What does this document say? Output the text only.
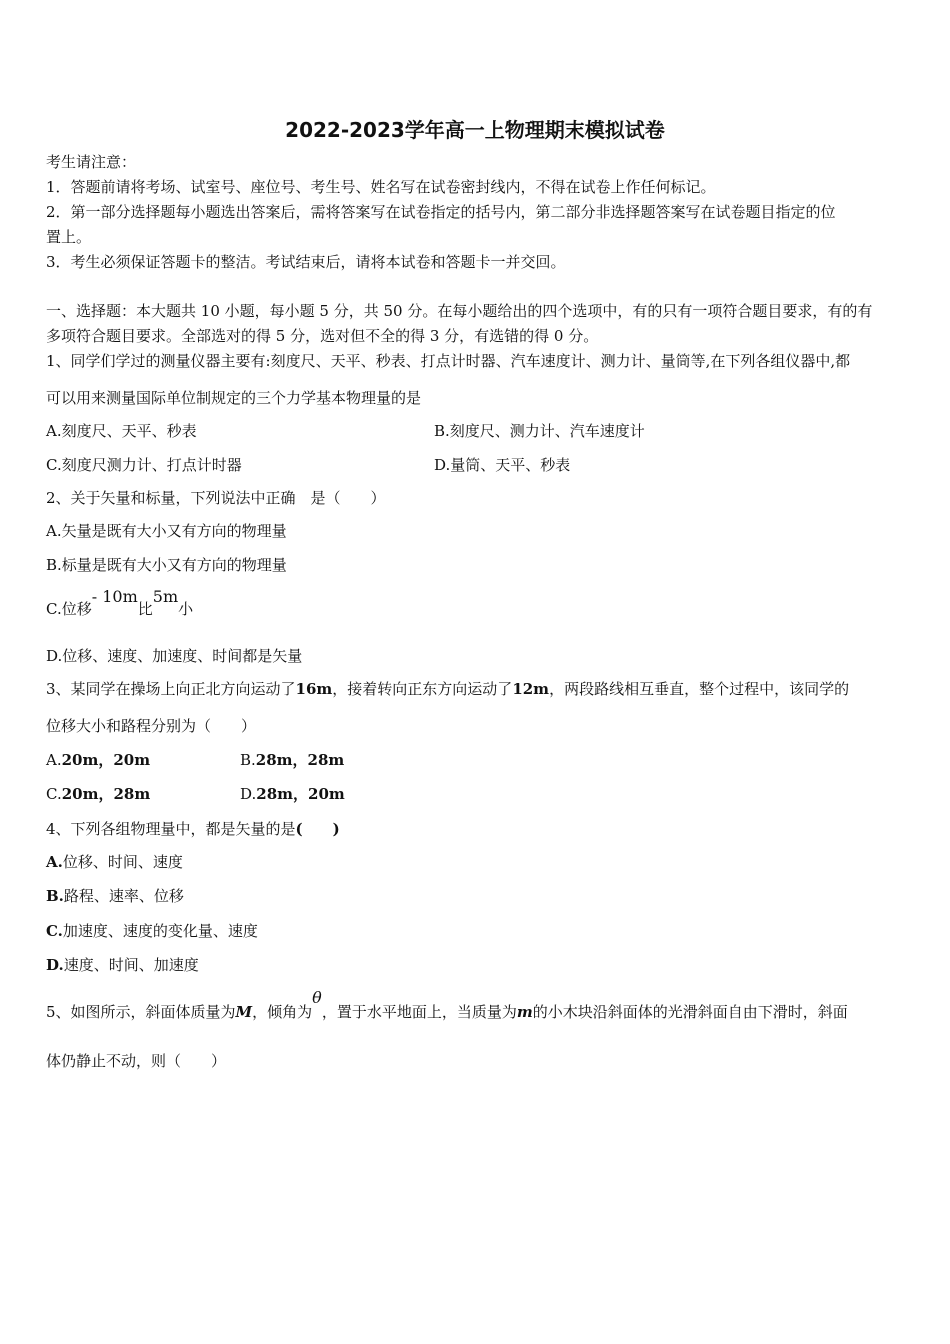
2022-2023学年高一上物理期末模拟试卷
考生请注意：
1．答题前请将考场、试室号、座位号、考生号、姓名写在试卷密封线内，不得在试卷上作任何标记。
2．第一部分选择题每小题选出答案后，需将答案写在试卷指定的括号内，第二部分非选择题答案写在试卷题目指定的位
置上。
3．考生必须保证答题卡的整洁。考试结束后，请将本试卷和答题卡一并交回。
一、选择题：本大题共 10 小题，每小题 5 分，共 50 分。在每小题给出的四个选项中，有的只有一项符合题目要求，有的有
多项符合题目要求。全部选对的得 5 分，选对但不全的得 3 分，有选错的得 0 分。
1、同学们学过的测量仪器主要有:刻度尺、天平、秒表、打点计时器、汽车速度计、测力计、量筒等,在下列各组仪器中,都
可以用来测量国际单位制规定的三个力学基本物理量的是
A.刻度尺、天平、秒表	B.刻度尺、测力计、汽车速度计
C.刻度尺测力计、打点计时器	D.量筒、天平、秒表
2、关于矢量和标量，下列说法中正确　是（　　）
A.矢量是既有大小又有方向的物理量
B.标量是既有大小又有方向的物理量
C.位移- 10m比5m小
D.位移、速度、加速度、时间都是矢量
3、某同学在操场上向正北方向运动了16m，接着转向正东方向运动了12m，两段路线相互垂直，整个过程中，该同学的
位移大小和路程分别为（　　）
A.20m，20m	B.28m，28m
C.20m，28m	D.28m，20m
4、下列各组物理量中，都是矢量的是(　　)
A.位移、时间、速度
B.路程、速率、位移
C.加速度、速度的变化量、速度
D.速度、时间、加速度
5、如图所示，斜面体质量为M，倾角为θ，置于水平地面上，当质量为m的小木块沿斜面体的光滑斜面自由下滑时，斜面
体仍静止不动，则（　　）
